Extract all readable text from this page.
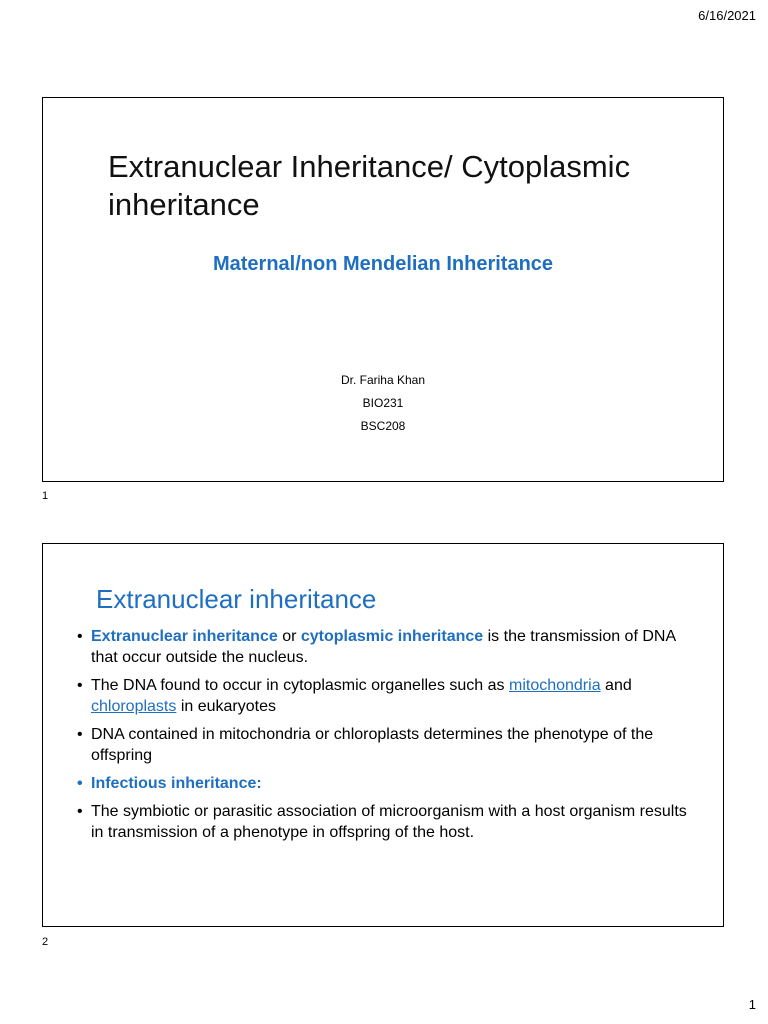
6/16/2021
Extranuclear Inheritance/ Cytoplasmic
inheritance
Maternal/non Mendelian Inheritance
Dr. Fariha Khan
BIO231
BSC208
1
Extranuclear inheritance
• Extranuclear inheritance or cytoplasmic inheritance is the transmission of DNA that occur outside the nucleus.
• The DNA found to occur in cytoplasmic organelles such as mitochondria and chloroplasts in eukaryotes
• DNA contained in mitochondria or chloroplasts determines the phenotype of the offspring
• Infectious inheritance:
• The symbiotic or parasitic association of microorganism with a host organism results in transmission of a phenotype in offspring of the host.
2
1
